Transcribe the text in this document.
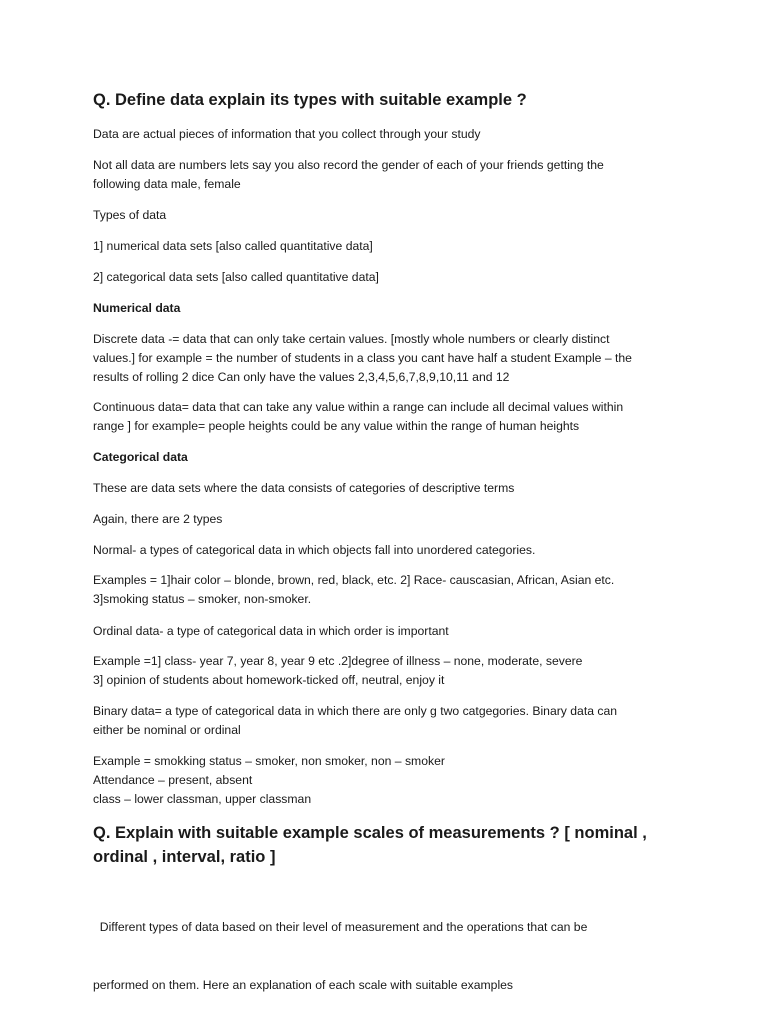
Q. Define data explain its types with suitable example ?

Data are actual pieces of information that you collect through your study

Not all data are numbers lets say you also record the gender of each of your friends getting the
following data male, female

Types of data

1] numerical data sets [also called quantitative data]

2] categorical data sets [also called quantitative data]

Numerical data

Discrete data -= data that can only take certain values. [mostly whole numbers or clearly distinct
values.] for example = the number of students in a class you cant have half a student Example – the
results of rolling 2 dice Can only have the values 2,3,4,5,6,7,8,9,10,11 and 12

Continuous data= data that can take any value within a range can include all decimal values within
range ] for example= people heights could be any value within the range of human heights

Categorical data

These are data sets where the data consists of categories of descriptive terms

Again, there are 2 types

Normal- a types of categorical data in which objects fall into unordered categories.

Examples = 1]hair color – blonde, brown, red, black, etc. 2] Race- causcasian, African, Asian etc.
3]smoking status – smoker, non-smoker.

Ordinal data- a type of categorical data in which order is important

Example =1] class- year 7, year 8, year 9 etc .2]degree of illness – none, moderate, severe
3] opinion of students about homework-ticked off, neutral, enjoy it

Binary data= a type of categorical data in which there are only g two catgegories. Binary data can
either be nominal or ordinal

Example = smokking status – smoker, non smoker, non – smoker
Attendance – present, absent
class – lower classman, upper classman

Q. Explain with suitable example scales of measurements ? [ nominal ,
ordinal , interval, ratio ]

Different types of data based on their level of measurement and the operations that can be

performed on them. Here an explanation of each scale with suitable examples
